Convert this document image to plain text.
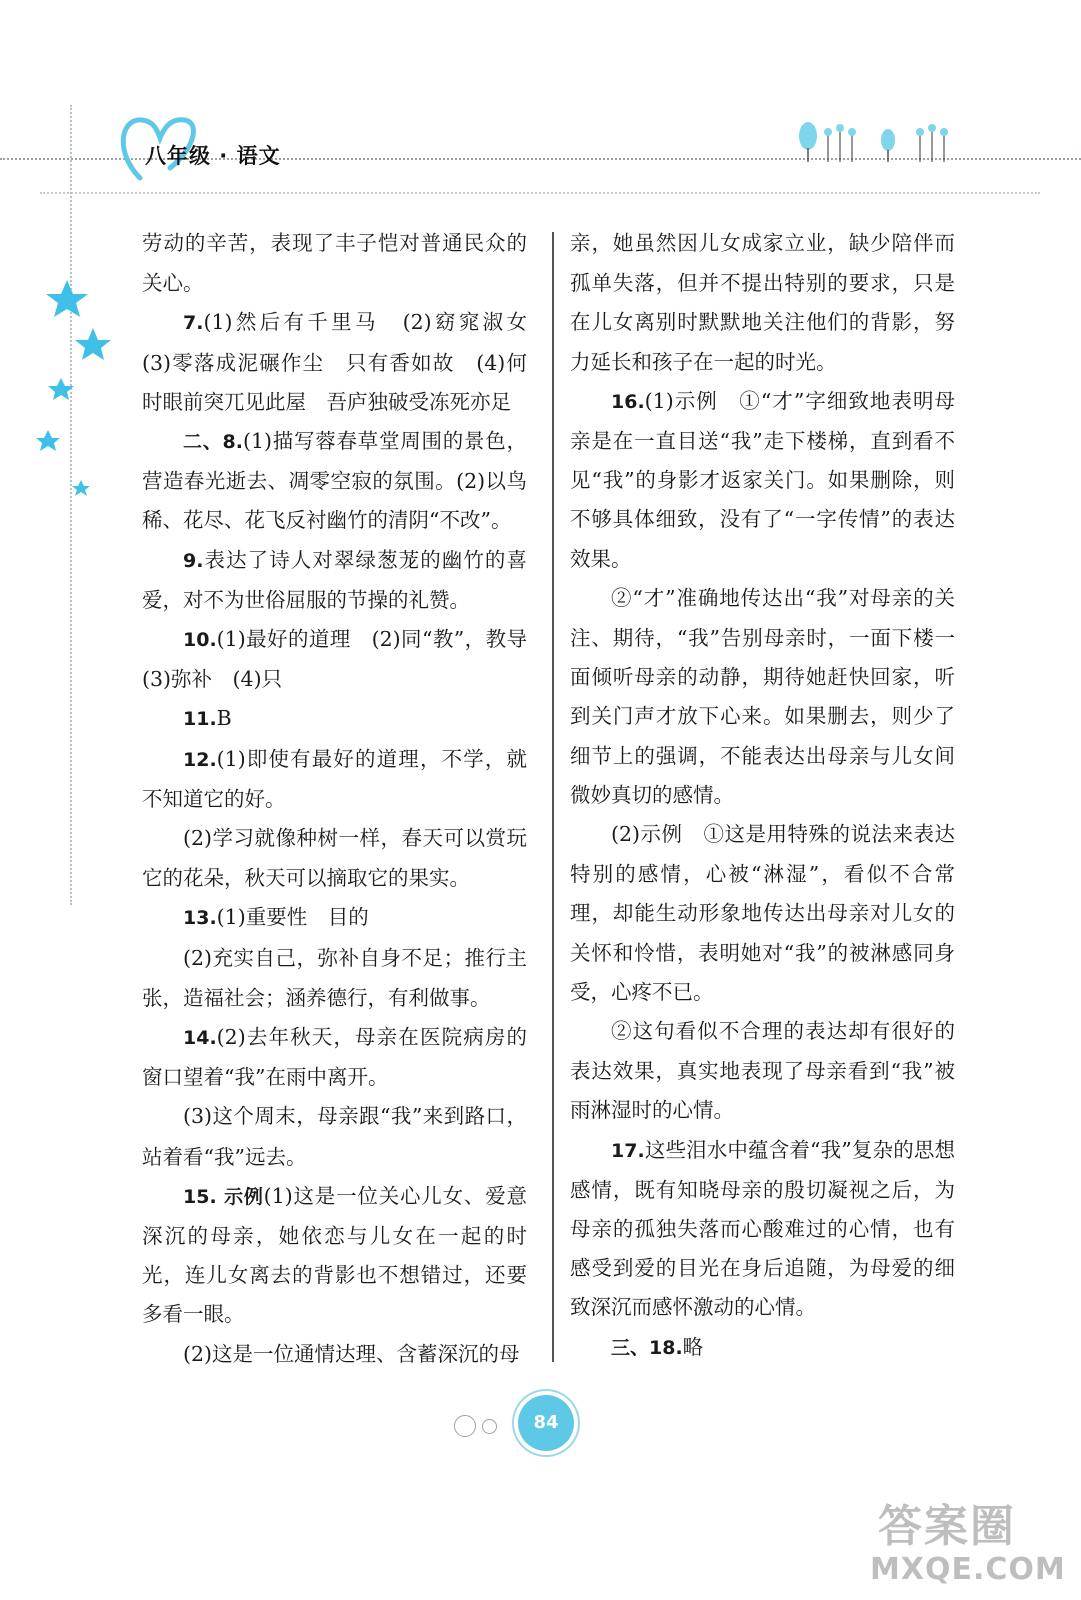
八年级 · 语文

劳动的辛苦，表现了丰子恺对普通民众的关心。

7.(1)然后有千里马　(2)窈窕淑女　(3)零落成泥碾作尘　只有香如故　(4)何时眼前突兀见此屋　吾庐独破受冻死亦足

二、8.(1)描写蓉春草堂周围的景色，营造春光逝去、凋零空寂的氛围。(2)以鸟稀、花尽、花飞反衬幽竹的清阴“不改”。

9.表达了诗人对翠绿葱茏的幽竹的喜爱，对不为世俗屈服的节操的礼赞。

10.(1)最好的道理　(2)同“教”，教导　(3)弥补　(4)只

11.B

12.(1)即使有最好的道理，不学，就不知道它的好。

(2)学习就像种树一样，春天可以赏玩它的花朵，秋天可以摘取它的果实。

13.(1)重要性　目的

(2)充实自己，弥补自身不足；推行主张，造福社会；涵养德行，有利做事。

14.(2)去年秋天，母亲在医院病房的窗口望着“我”在雨中离开。

(3)这个周末，母亲跟“我”来到路口，站着看“我”远去。

15. 示例(1)这是一位关心儿女、爱意深沉的母亲，她依恋与儿女在一起的时光，连儿女离去的背影也不想错过，还要多看一眼。

(2)这是一位通情达理、含蓄深沉的母

亲，她虽然因儿女成家立业，缺少陪伴而孤单失落，但并不提出特别的要求，只是在儿女离别时默默地关注他们的背影，努力延长和孩子在一起的时光。

16.(1)示例　①“才”字细致地表明母亲是在一直目送“我”走下楼梯，直到看不见“我”的身影才返家关门。如果删除，则不够具体细致，没有了“一字传情”的表达效果。

②“才”准确地传达出“我”对母亲的关注、期待，“我”告别母亲时，一面下楼一面倾听母亲的动静，期待她赶快回家，听到关门声才放下心来。如果删去，则少了细节上的强调，不能表达出母亲与儿女间微妙真切的感情。

(2)示例　①这是用特殊的说法来表达特别的感情，心被“淋湿”，看似不合常理，却能生动形象地传达出母亲对儿女的关怀和怜惜，表明她对“我”的被淋感同身受，心疼不已。

②这句看似不合理的表达却有很好的表达效果，真实地表现了母亲看到“我”被雨淋湿时的心情。

17.这些泪水中蕴含着“我”复杂的思想感情，既有知晓母亲的殷切凝视之后，为母亲的孤独失落而心酸难过的心情，也有感受到爱的目光在身后追随，为母爱的细致深沉而感怀激动的心情。

三、18.略

84
答案圈
MXQE.COM
